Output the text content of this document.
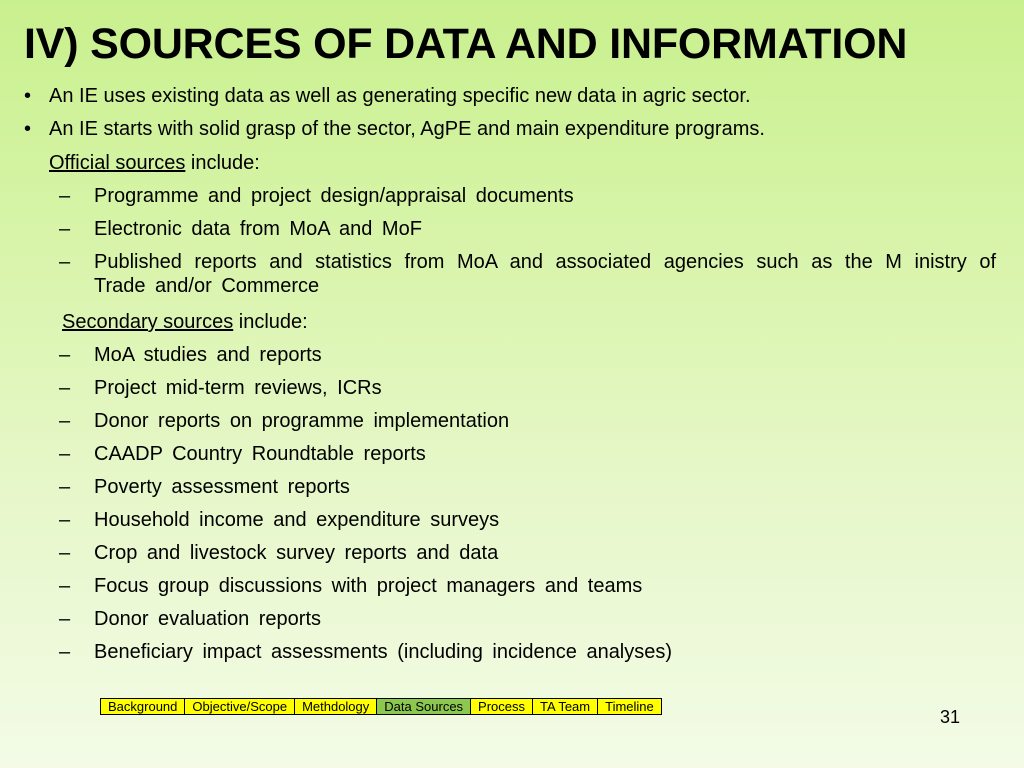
IV) SOURCES OF DATA AND INFORMATION
• An IE uses existing data as well as generating specific new data in agric sector.
• An IE starts with solid grasp of the sector, AgPE and main expenditure programs.
Official sources include:
–	Programme and project design/appraisal documents
–	Electronic data from MoA and MoF
–	Published reports and statistics from MoA and associated agencies such as the M inistry of Trade and/or Commerce
Secondary sources include:
–	MoA studies and reports
–	Project mid-term reviews, ICRs
–	Donor reports on programme implementation
–	CAADP Country Roundtable reports
–	Poverty assessment reports
–	Household income and expenditure surveys
–	Crop and livestock survey reports and data
–	Focus group discussions with project managers and teams
–	Donor evaluation reports
–	Beneficiary impact assessments (including incidence analyses)
Background	Objective/Scope	Methdology	Data Sources	Process	TA Team	Timeline
31
